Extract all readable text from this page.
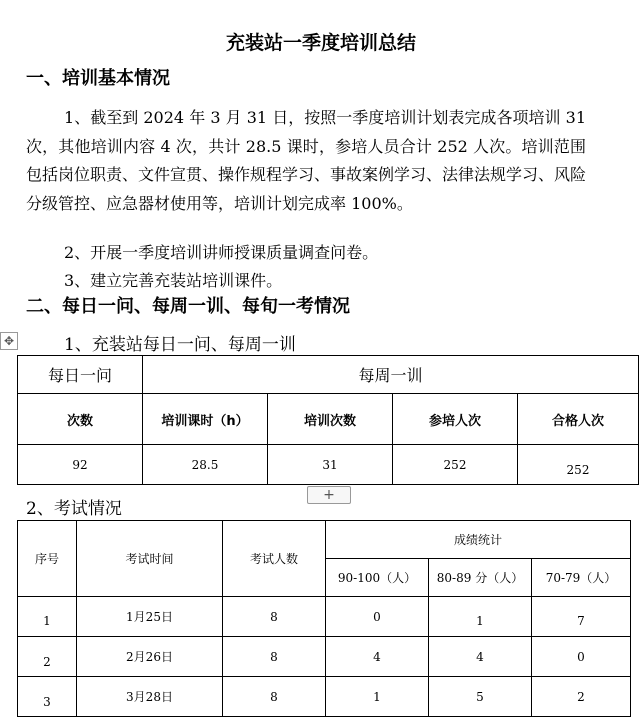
充装站一季度培训总结
一、培训基本情况
1、截至到 2024 年 3 月 31 日，按照一季度培训计划表完成各项培训 31 次，其他培训内容 4 次，共计 28.5 课时，参培人员合计 252 人次。培训范围包括岗位职责、文件宣贯、操作规程学习、事故案例学习、法律法规学习、风险分级管控、应急器材使用等，培训计划完成率 100%。
2、开展一季度培训讲师授课质量调查问卷。
3、建立完善充装站培训课件。
二、每日一问、每周一训、每旬一考情况
✥	1、充装站每日一问、每周一训
每日一问	每周一训			
次数	培训课时（h）	培训次数	参培人次	合格人次
92	28.5	31	252	252
+
2、考试情况
序号	考试时间	考试人数	成绩统计		
			90-100（人）	80-89 分（人）	70-79（人）
1	1月25日	8	0	1	7
2	2月26日	8	4	4	0
3	3月28日	8	1	5	2
